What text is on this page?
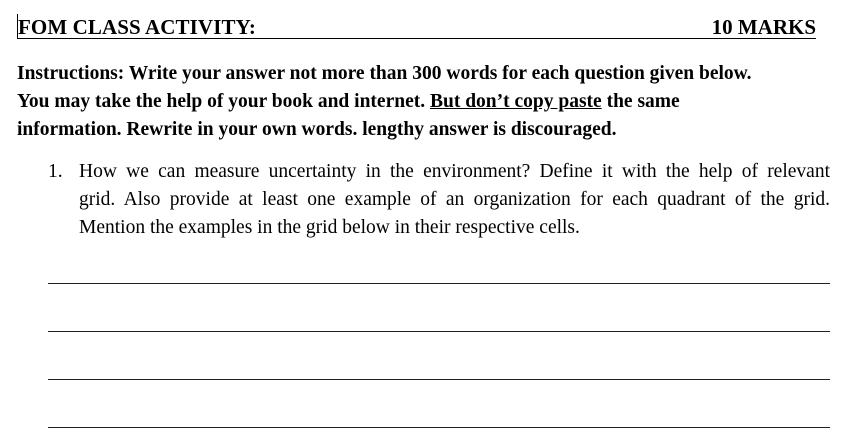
FOM CLASS ACTIVITY:	10 MARKS
Instructions: Write your answer not more than 300 words for each question given below.
You may take the help of your book and internet. But don’t copy paste the same
information. Rewrite in your own words. lengthy answer is discouraged.
1. How we can measure uncertainty in the environment? Define it with the help of relevant
grid. Also provide at least one example of an organization for each quadrant of the grid.
Mention the examples in the grid below in their respective cells.
